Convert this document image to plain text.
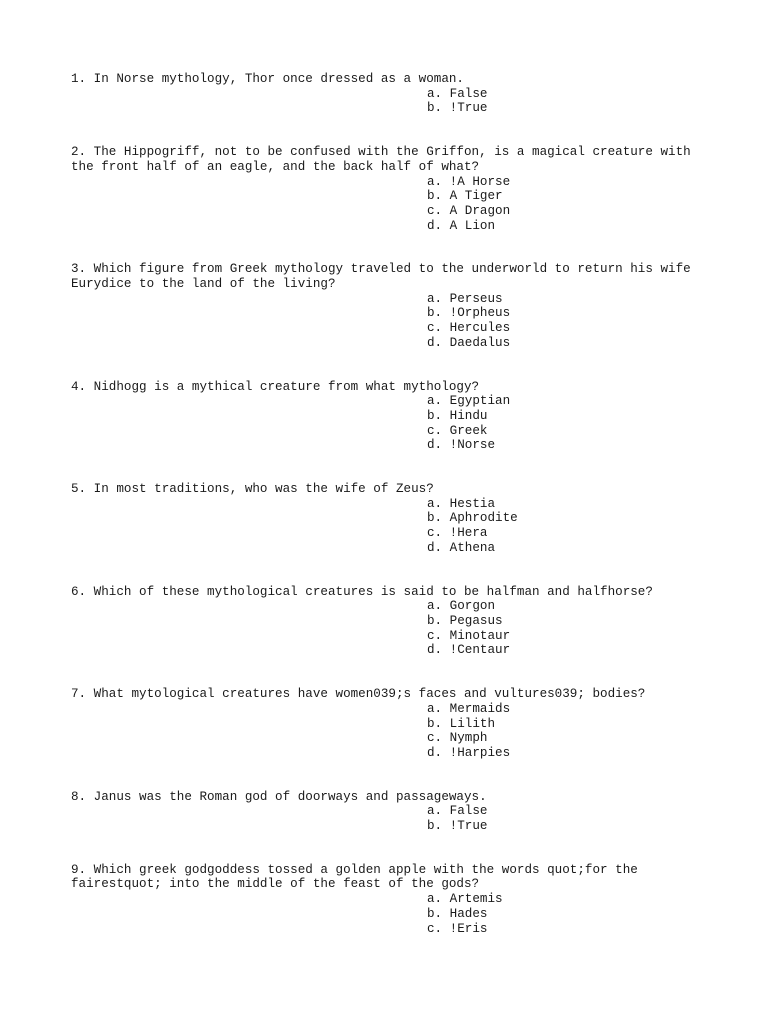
1. In Norse mythology, Thor once dressed as a woman.
a. False
b. !True
2. The Hippogriff, not to be confused with the Griffon, is a magical creature with the front half of an eagle, and the back half of what?
a. !A Horse
b. A Tiger
c. A Dragon
d. A Lion
3. Which figure from Greek mythology traveled to the underworld to return his wife Eurydice to the land of the living?
a. Perseus
b. !Orpheus
c. Hercules
d. Daedalus
4. Nidhogg is a mythical creature from what mythology?
a. Egyptian
b. Hindu
c. Greek
d. !Norse
5. In most traditions, who was the wife of Zeus?
a. Hestia
b. Aphrodite
c. !Hera
d. Athena
6. Which of these mythological creatures is said to be halfman and halfhorse?
a. Gorgon
b. Pegasus
c. Minotaur
d. !Centaur
7. What mytological creatures have women039;s faces and vultures039; bodies?
a. Mermaids
b. Lilith
c. Nymph
d. !Harpies
8. Janus was the Roman god of doorways and passageways.
a. False
b. !True
9. Which greek godgoddess tossed a golden apple with the words quot;for the fairestquot; into the middle of the feast of the gods?
a. Artemis
b. Hades
c. !Eris
